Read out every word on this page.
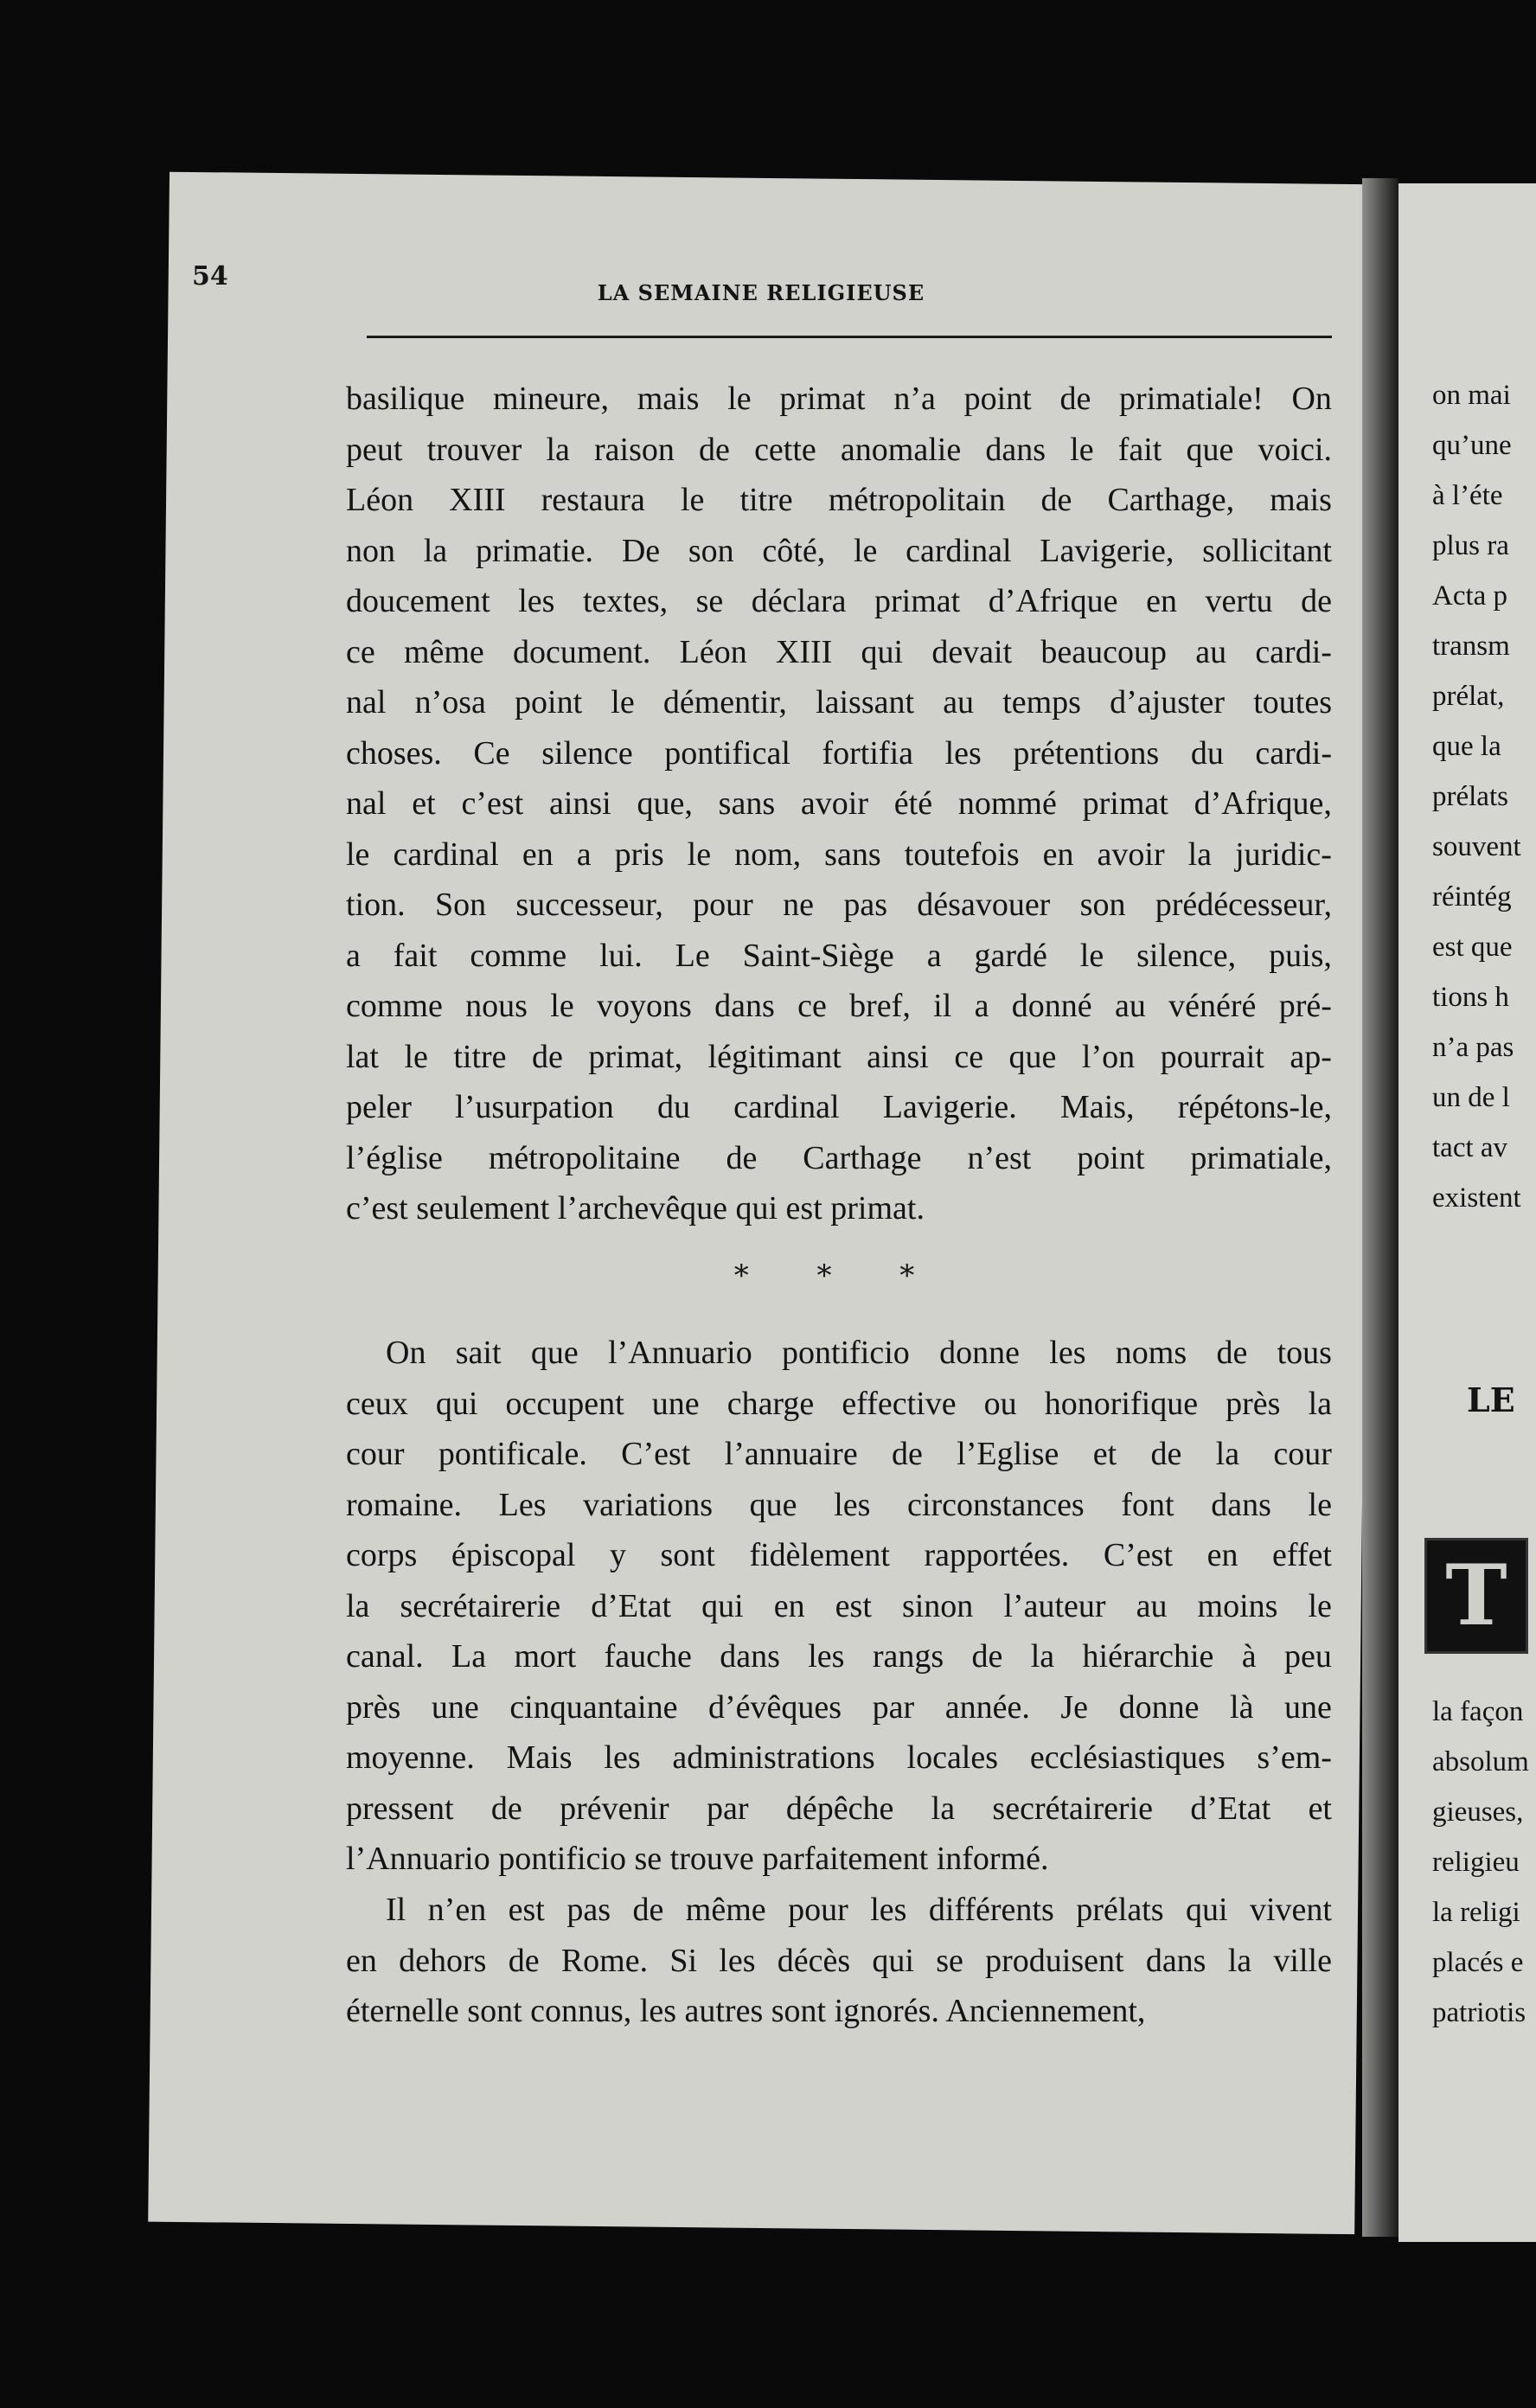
54
LA SEMAINE RELIGIEUSE
basilique mineure, mais le primat n’a point de primatiale! On
peut trouver la raison de cette anomalie dans le fait que voici.
Léon XIII restaura le titre métropolitain de Carthage, mais
non la primatie. De son côté, le cardinal Lavigerie, sollicitant
doucement les textes, se déclara primat d’Afrique en vertu de
ce même document. Léon XIII qui devait beaucoup au cardi-
nal n’osa point le démentir, laissant au temps d’ajuster toutes
choses. Ce silence pontifical fortifia les prétentions du cardi-
nal et c’est ainsi que, sans avoir été nommé primat d’Afrique,
le cardinal en a pris le nom, sans toutefois en avoir la juridic-
tion. Son successeur, pour ne pas désavouer son prédécesseur,
a fait comme lui. Le Saint-Siège a gardé le silence, puis,
comme nous le voyons dans ce bref, il a donné au vénéré pré-
lat le titre de primat, légitimant ainsi ce que l’on pourrait ap-
peler l’usurpation du cardinal Lavigerie. Mais, répétons-le,
l’église métropolitaine de Carthage n’est point primatiale,
c’est seulement l’archevêque qui est primat.
* * *
On sait que l’Annuario pontificio donne les noms de tous
ceux qui occupent une charge effective ou honorifique près la
cour pontificale. C’est l’annuaire de l’Eglise et de la cour
romaine. Les variations que les circonstances font dans le
corps épiscopal y sont fidèlement rapportées. C’est en effet
la secrétairerie d’Etat qui en est sinon l’auteur au moins le
canal. La mort fauche dans les rangs de la hiérarchie à peu
près une cinquantaine d’évêques par année. Je donne là une
moyenne. Mais les administrations locales ecclésiastiques s’em-
pressent de prévenir par dépêche la secrétairerie d’Etat et
l’Annuario pontificio se trouve parfaitement informé.
Il n’en est pas de même pour les différents prélats qui vivent
en dehors de Rome. Si les décès qui se produisent dans la ville
éternelle sont connus, les autres sont ignorés. Anciennement,
on mai
qu’une
à l’éte
plus ra
Acta p
transm
prélat,
que la
prélats
souvent
réintég
est que
tions h
n’a pas
un de l
tact av
existent
LE
T
la façon
absolum
gieuses,
religieu
la religi
placés e
patriotis
